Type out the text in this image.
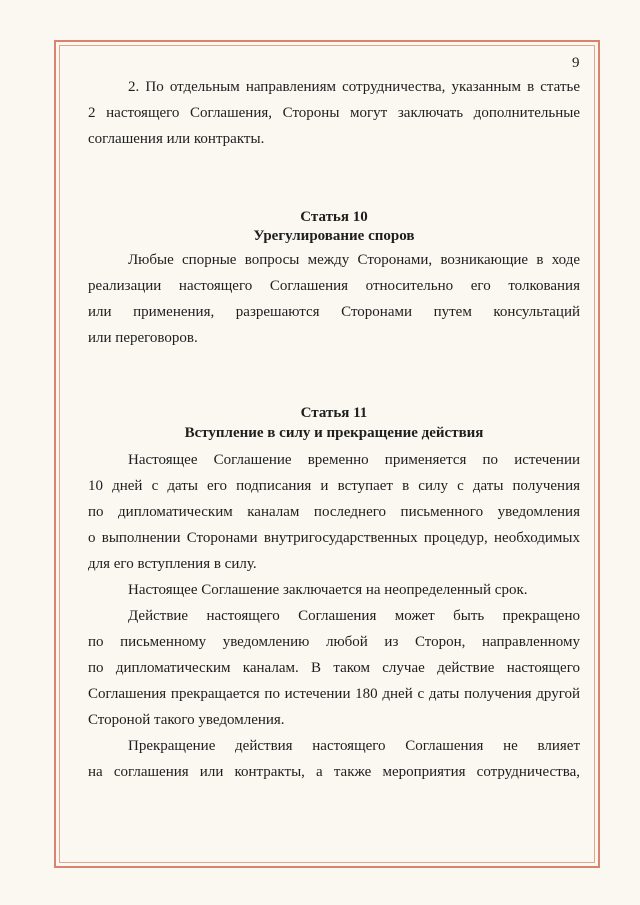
9
2. По отдельным направлениям сотрудничества, указанным в статье
2 настоящего Соглашения, Стороны могут заключать дополнительные
соглашения или контракты.
Статья 10
Урегулирование споров
Любые спорные вопросы между Сторонами, возникающие в ходе
реализации настоящего Соглашения относительно его толкования
или применения, разрешаются Сторонами путем консультаций
или переговоров.
Статья 11
Вступление в силу и прекращение действия
Настоящее Соглашение временно применяется по истечении
10 дней с даты его подписания и вступает в силу с даты получения
по дипломатическим каналам последнего письменного уведомления
о выполнении Сторонами внутригосударственных процедур, необходимых
для его вступления в силу.
Настоящее Соглашение заключается на неопределенный срок.
Действие настоящего Соглашения может быть прекращено
по письменному уведомлению любой из Сторон, направленному
по дипломатическим каналам. В таком случае действие настоящего
Соглашения прекращается по истечении 180 дней с даты получения другой
Стороной такого уведомления.
Прекращение действия настоящего Соглашения не влияет
на соглашения или контракты, а также мероприятия сотрудничества,
